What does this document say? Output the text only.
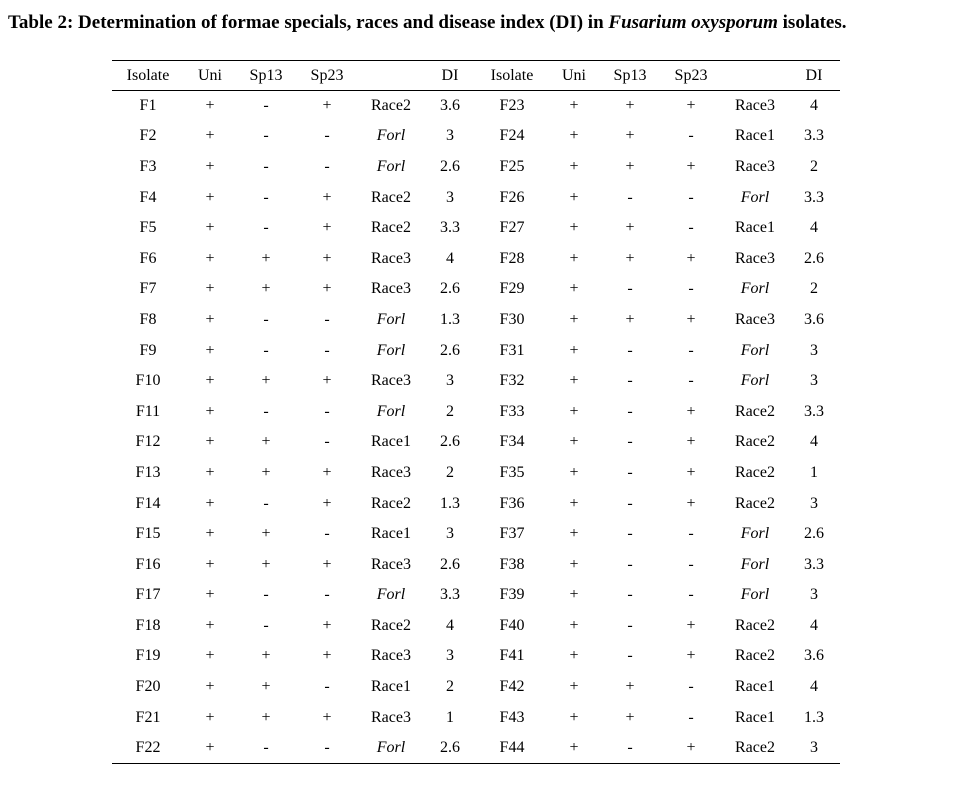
Table 2: Determination of formae specials, races and disease index (DI) in Fusarium oxysporum isolates.
Isolate	Uni	Sp13	Sp23		DI	Isolate	Uni	Sp13	Sp23		DI
F1	+	-	+	Race2	3.6	F23	+	+	+	Race3	4
F2	+	-	-	Forl	3	F24	+	+	-	Race1	3.3
F3	+	-	-	Forl	2.6	F25	+	+	+	Race3	2
F4	+	-	+	Race2	3	F26	+	-	-	Forl	3.3
F5	+	-	+	Race2	3.3	F27	+	+	-	Race1	4
F6	+	+	+	Race3	4	F28	+	+	+	Race3	2.6
F7	+	+	+	Race3	2.6	F29	+	-	-	Forl	2
F8	+	-	-	Forl	1.3	F30	+	+	+	Race3	3.6
F9	+	-	-	Forl	2.6	F31	+	-	-	Forl	3
F10	+	+	+	Race3	3	F32	+	-	-	Forl	3
F11	+	-	-	Forl	2	F33	+	-	+	Race2	3.3
F12	+	+	-	Race1	2.6	F34	+	-	+	Race2	4
F13	+	+	+	Race3	2	F35	+	-	+	Race2	1
F14	+	-	+	Race2	1.3	F36	+	-	+	Race2	3
F15	+	+	-	Race1	3	F37	+	-	-	Forl	2.6
F16	+	+	+	Race3	2.6	F38	+	-	-	Forl	3.3
F17	+	-	-	Forl	3.3	F39	+	-	-	Forl	3
F18	+	-	+	Race2	4	F40	+	-	+	Race2	4
F19	+	+	+	Race3	3	F41	+	-	+	Race2	3.6
F20	+	+	-	Race1	2	F42	+	+	-	Race1	4
F21	+	+	+	Race3	1	F43	+	+	-	Race1	1.3
F22	+	-	-	Forl	2.6	F44	+	-	+	Race2	3
